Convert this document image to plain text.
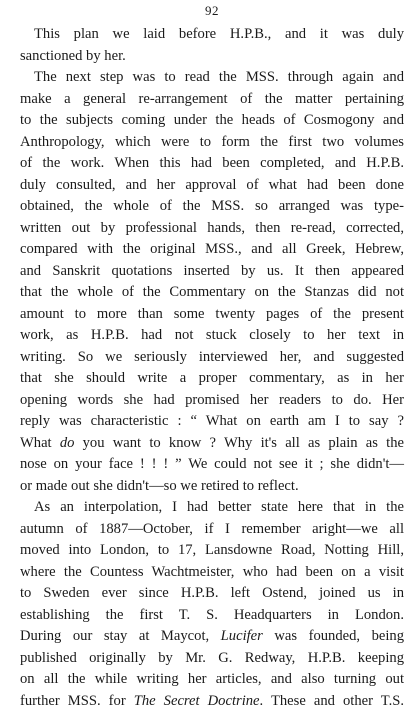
92
This plan we laid before H.P.B., and it was duly
sanctioned by her.
The next step was to read the MSS. through again and
make a general re-arrangement of the matter pertaining
to the subjects coming under the heads of Cosmogony and
Anthropology, which were to form the first two volumes
of the work. When this had been completed, and H.P.B.
duly consulted, and her approval of what had been done
obtained, the whole of the MSS. so arranged was type-
written out by professional hands, then re-read, corrected,
compared with the original MSS., and all Greek, Hebrew,
and Sanskrit quotations inserted by us. It then appeared
that the whole of the Commentary on the Stanzas did not
amount to more than some twenty pages of the present
work, as H.P.B. had not stuck closely to her text in
writing. So we seriously interviewed her, and suggested
that she should write a proper commentary, as in her
opening words she had promised her readers to do. Her
reply was characteristic : “ What on earth am I to say ?
What do you want to know ? Why it's all as plain as the
nose on your face ! ! ! ” We could not see it ; she didn't—
or made out she didn't—so we retired to reflect.
As an interpolation, I had better state here that in the
autumn of 1887—October, if I remember aright—we all
moved into London, to 17, Lansdowne Road, Notting Hill,
where the Countess Wachtmeister, who had been on a visit
to Sweden ever since H.P.B. left Ostend, joined us in
establishing the first T. S. Headquarters in London.
During our stay at Maycot, Lucifer was founded, being
published originally by Mr. G. Redway, H.P.B. keeping
on all the while writing her articles, and also turning out
further MSS. for The Secret Doctrine. These and other T.S.
